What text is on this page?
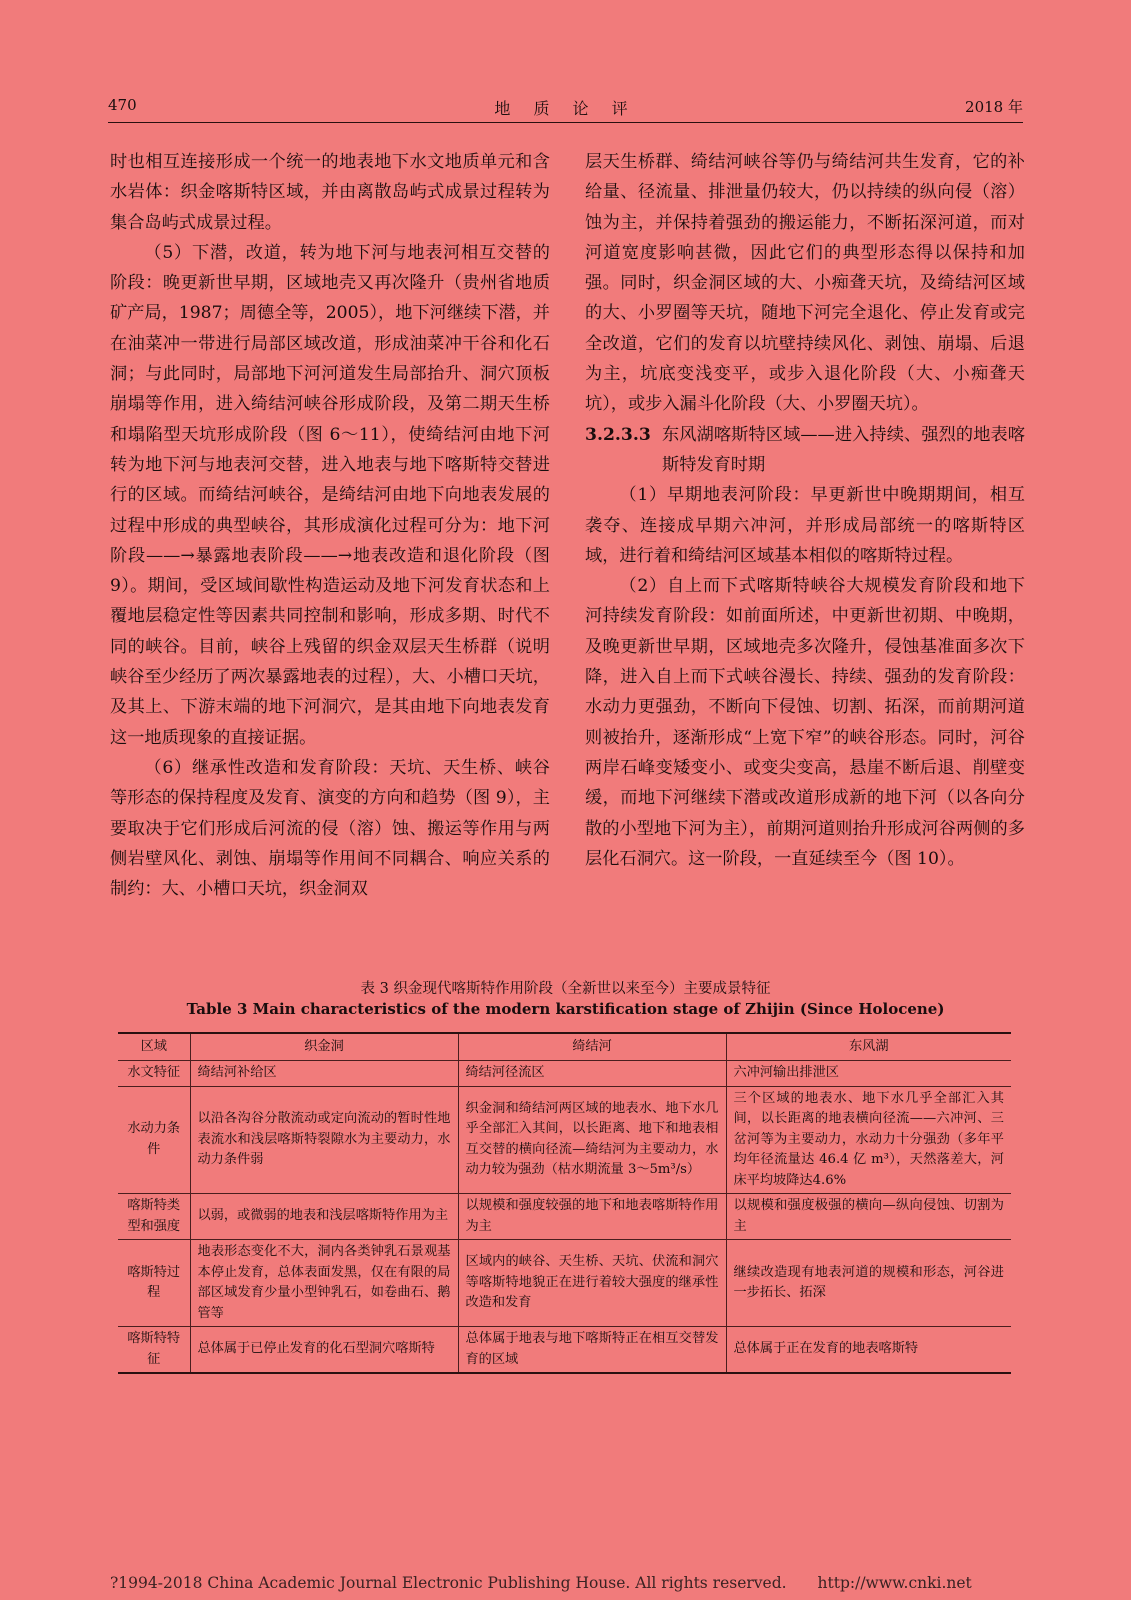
470	地 质 论 评	2018 年

时也相互连接形成一个统一的地表地下水文地质单元和含水岩体：织金喀斯特区域，并由离散岛屿式成景过程转为集合岛屿式成景过程。

（5）下潜，改道，转为地下河与地表河相互交替的阶段：晚更新世早期，区域地壳又再次隆升（贵州省地质矿产局，1987；周德全等，2005），地下河继续下潜，并在油菜冲一带进行局部区域改道，形成油菜冲干谷和化石洞；与此同时，局部地下河河道发生局部抬升、洞穴顶板崩塌等作用，进入绮结河峡谷形成阶段，及第二期天生桥和塌陷型天坑形成阶段（图 6～11），使绮结河由地下河转为地下河与地表河交替，进入地表与地下喀斯特交替进行的区域。而绮结河峡谷，是绮结河由地下向地表发展的过程中形成的典型峡谷，其形成演化过程可分为：地下河阶段——→暴露地表阶段——→地表改造和退化阶段（图 9）。期间，受区域间歇性构造运动及地下河发育状态和上覆地层稳定性等因素共同控制和影响，形成多期、时代不同的峡谷。目前，峡谷上残留的织金双层天生桥群（说明峡谷至少经历了两次暴露地表的过程），大、小槽口天坑，及其上、下游末端的地下河洞穴，是其由地下向地表发育这一地质现象的直接证据。

（6）继承性改造和发育阶段：天坑、天生桥、峡谷等形态的保持程度及发育、演变的方向和趋势（图 9），主要取决于它们形成后河流的侵（溶）蚀、搬运等作用与两侧岩壁风化、剥蚀、崩塌等作用间不同耦合、响应关系的制约：大、小槽口天坑，织金洞双

层天生桥群、绮结河峡谷等仍与绮结河共生发育，它的补给量、径流量、排泄量仍较大，仍以持续的纵向侵（溶）蚀为主，并保持着强劲的搬运能力，不断拓深河道，而对河道宽度影响甚微，因此它们的典型形态得以保持和加强。同时，织金洞区域的大、小痴聋天坑，及绮结河区域的大、小罗圈等天坑，随地下河完全退化、停止发育或完全改道，它们的发育以坑壁持续风化、剥蚀、崩塌、后退为主，坑底变浅变平，或步入退化阶段（大、小痴聋天坑），或步入漏斗化阶段（大、小罗圈天坑）。

3.2.3.3 东风湖喀斯特区域——进入持续、强烈的地表喀斯特发育时期

（1）早期地表河阶段：早更新世中晚期期间，相互袭夺、连接成早期六冲河，并形成局部统一的喀斯特区域，进行着和绮结河区域基本相似的喀斯特过程。

（2）自上而下式喀斯特峡谷大规模发育阶段和地下河持续发育阶段：如前面所述，中更新世初期、中晚期，及晚更新世早期，区域地壳多次隆升，侵蚀基准面多次下降，进入自上而下式峡谷漫长、持续、强劲的发育阶段：水动力更强劲，不断向下侵蚀、切割、拓深，而前期河道则被抬升，逐渐形成“上宽下窄”的峡谷形态。同时，河谷两岸石峰变矮变小、或变尖变高，悬崖不断后退、削壁变缓，而地下河继续下潜或改道形成新的地下河（以各向分散的小型地下河为主），前期河道则抬升形成河谷两侧的多层化石洞穴。这一阶段，一直延续至今（图 10）。

表 3 织金现代喀斯特作用阶段（全新世以来至今）主要成景特征
Table 3 Main characteristics of the modern karstification stage of Zhijin (Since Holocene)
区域	织金洞	绮结河	东风湖
水文特征	绮结河补给区	绮结河径流区	六冲河输出排泄区
水动力条件	以沿各沟谷分散流动或定向流动的暂时性地表流水和浅层喀斯特裂隙水为主要动力，水动力条件弱	织金洞和绮结河两区域的地表水、地下水几乎全部汇入其间，以长距离、地下和地表相互交替的横向径流—绮结河为主要动力，水动力较为强劲（枯水期流量 3～5m³/s）	三个区域的地表水、地下水几乎全部汇入其间，以长距离的地表横向径流——六冲河、三岔河等为主要动力，水动力十分强劲（多年平均年径流量达 46.4 亿 m³），天然落差大，河床平均坡降达4.6%
喀斯特类型和强度	以弱，或微弱的地表和浅层喀斯特作用为主	以规模和强度较强的地下和地表喀斯特作用为主	以规模和强度极强的横向—纵向侵蚀、切割为主
喀斯特过程	地表形态变化不大，洞内各类钟乳石景观基本停止发育，总体表面发黑，仅在有限的局部区域发育少量小型钟乳石，如卷曲石、鹅管等	区域内的峡谷、天生桥、天坑、伏流和洞穴等喀斯特地貌正在进行着较大强度的继承性改造和发育	继续改造现有地表河道的规模和形态，河谷进一步拓长、拓深
喀斯特特征	总体属于已停止发育的化石型洞穴喀斯特	总体属于地表与地下喀斯特正在相互交替发育的区域	总体属于正在发育的地表喀斯特
?1994-2018 China Academic Journal Electronic Publishing House. All rights reserved. http://www.cnki.net
